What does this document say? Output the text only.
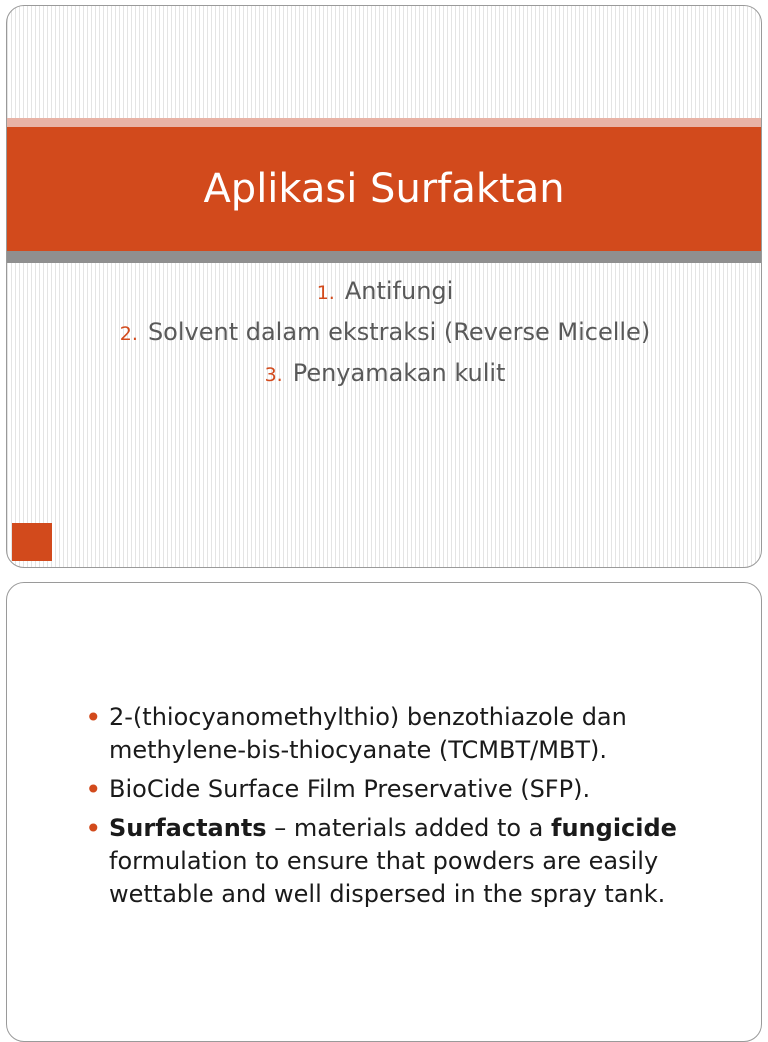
Aplikasi Surfaktan
1. Antifungi
2. Solvent dalam ekstraksi (Reverse Micelle)
3. Penyamakan kulit
• 2-(thiocyanomethylthio) benzothiazole dan methylene-bis-thiocyanate (TCMBT/MBT).
• BioCide Surface Film Preservative (SFP).
• Surfactants – materials added to a fungicide formulation to ensure that powders are easily wettable and well dispersed in the spray tank.
